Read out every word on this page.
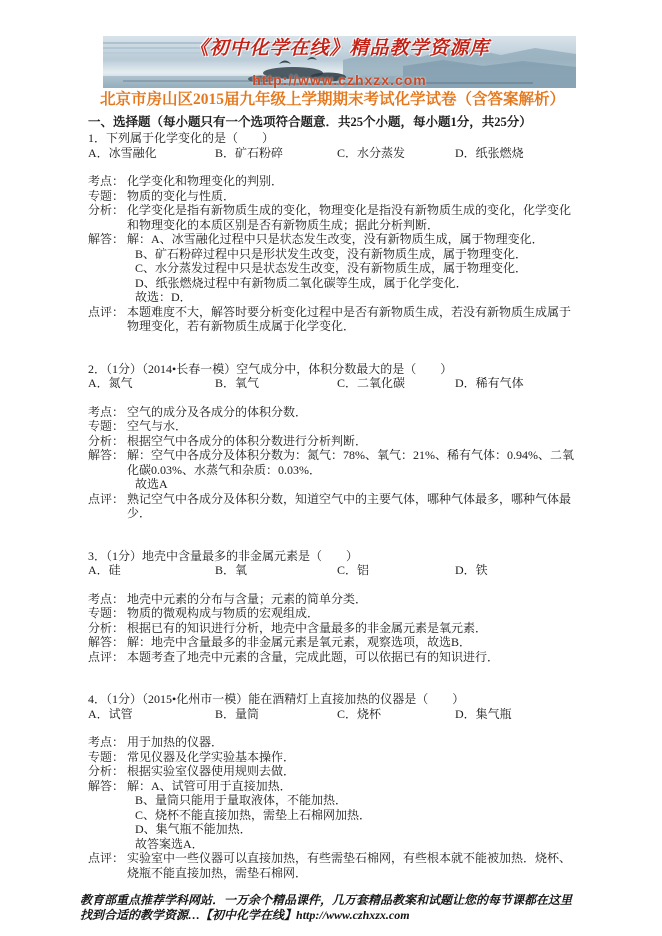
《初中化学在线》精品教学资源库
http://www.czhxzx.com
北京市房山区2015届九年级上学期期末考试化学试卷（含答案解析）
一、选择题（每小题只有一个选项符合题意．共25个小题，每小题1分，共25分）
1．下列属于化学变化的是（　　）
A．冰雪融化	B．矿石粉碎	C．水分蒸发	D．纸张燃烧
考点： 化学变化和物理变化的判别．
专题： 物质的变化与性质．
分析： 化学变化是指有新物质生成的变化，物理变化是指没有新物质生成的变化，化学变化和物理变化的本质区别是否有新物质生成；据此分析判断．
解答： 解：A、冰雪融化过程中只是状态发生改变，没有新物质生成，属于物理变化．
B、矿石粉碎过程中只是形状发生改变，没有新物质生成，属于物理变化．
C、水分蒸发过程中只是状态发生改变，没有新物质生成，属于物理变化．
D、纸张燃烧过程中有新物质二氧化碳等生成，属于化学变化．
故选：D．
点评： 本题难度不大，解答时要分析变化过程中是否有新物质生成，若没有新物质生成属于物理变化，若有新物质生成属于化学变化．
2．（1分）（2014•长春一模）空气成分中，体积分数最大的是（　　）
A．氮气	B．氧气	C．二氧化碳	D．稀有气体
考点： 空气的成分及各成分的体积分数．
专题： 空气与水．
分析： 根据空气中各成分的体积分数进行分析判断．
解答： 解：空气中各成分及体积分数为：氮气：78%、氧气：21%、稀有气体：0.94%、二氧化碳0.03%、水蒸气和杂质：0.03%．
故选A
点评： 熟记空气中各成分及体积分数，知道空气中的主要气体，哪种气体最多，哪种气体最少．
3．（1分）地壳中含量最多的非金属元素是（　　）
A．硅	B．氧	C．铝	D．铁
考点： 地壳中元素的分布与含量；元素的简单分类．
专题： 物质的微观构成与物质的宏观组成．
分析： 根据已有的知识进行分析，地壳中含量最多的非金属元素是氧元素．
解答： 解：地壳中含量最多的非金属元素是氧元素，观察选项，故选B．
点评： 本题考查了地壳中元素的含量，完成此题，可以依据已有的知识进行．
4．（1分）（2015•化州市一模）能在酒精灯上直接加热的仪器是（　　）
A．试管	B．量筒	C．烧杯	D．集气瓶
考点： 用于加热的仪器．
专题： 常见仪器及化学实验基本操作．
分析： 根据实验室仪器使用规则去做．
解答： 解：A、试管可用于直接加热．
B、量筒只能用于量取液体，不能加热．
C、烧杯不能直接加热，需垫上石棉网加热．
D、集气瓶不能加热．
故答案选A．
点评： 实验室中一些仪器可以直接加热，有些需垫石棉网，有些根本就不能被加热．烧杯、烧瓶不能直接加热，需垫石棉网．
教育部重点推荐学科网站．一万余个精品课件，几万套精品教案和试题让您的每节课都在这里找到合适的教学资源…【初中化学在线】http://www.czhxzx.com
